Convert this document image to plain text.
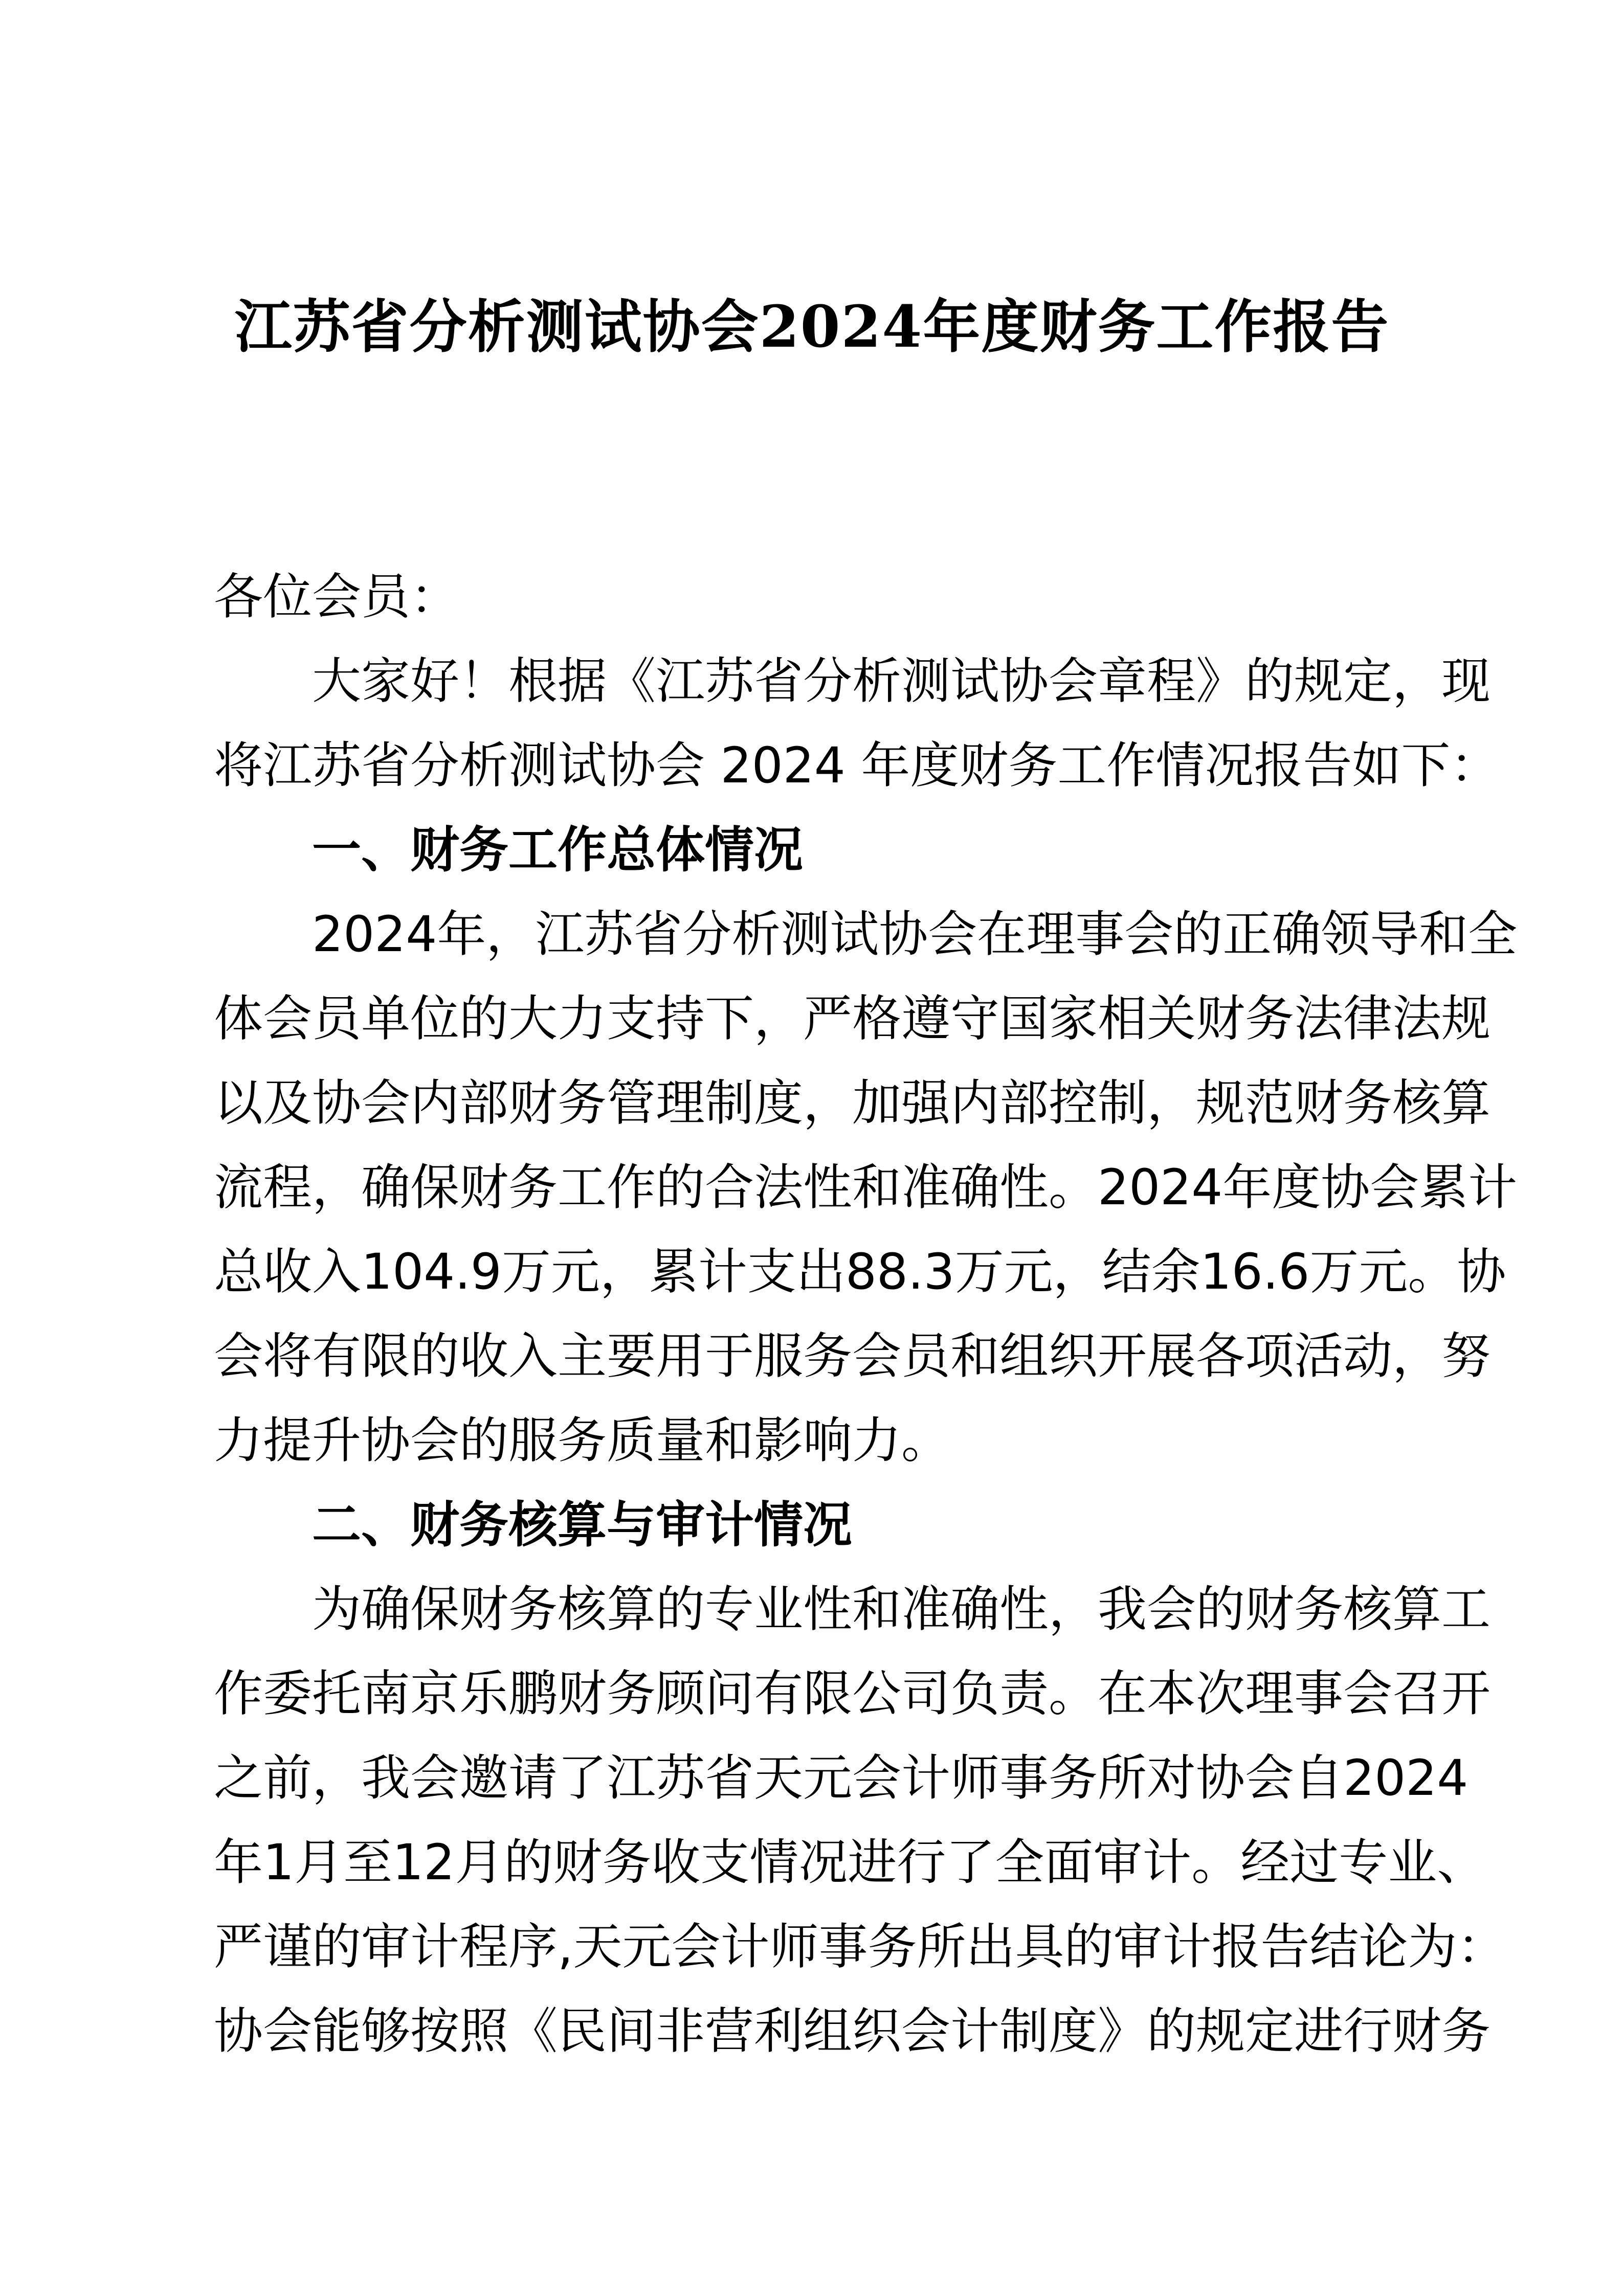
江苏省分析测试协会2024年度财务工作报告
各位会员：
大家好！根据《江苏省分析测试协会章程》的规定，现
将江苏省分析测试协会 2024 年度财务工作情况报告如下：
一、财务工作总体情况
2024年，江苏省分析测试协会在理事会的正确领导和全
体会员单位的大力支持下，严格遵守国家相关财务法律法规
以及协会内部财务管理制度，加强内部控制，规范财务核算
流程，确保财务工作的合法性和准确性。2024年度协会累计
总收入104.9万元，累计支出88.3万元，结余16.6万元。协
会将有限的收入主要用于服务会员和组织开展各项活动，努
力提升协会的服务质量和影响力。
二、财务核算与审计情况
为确保财务核算的专业性和准确性，我会的财务核算工
作委托南京乐鹏财务顾问有限公司负责。在本次理事会召开
之前，我会邀请了江苏省天元会计师事务所对协会自2024
年1月至12月的财务收支情况进行了全面审计。经过专业、
严谨的审计程序,天元会计师事务所出具的审计报告结论为：
协会能够按照《民间非营利组织会计制度》的规定进行财务
